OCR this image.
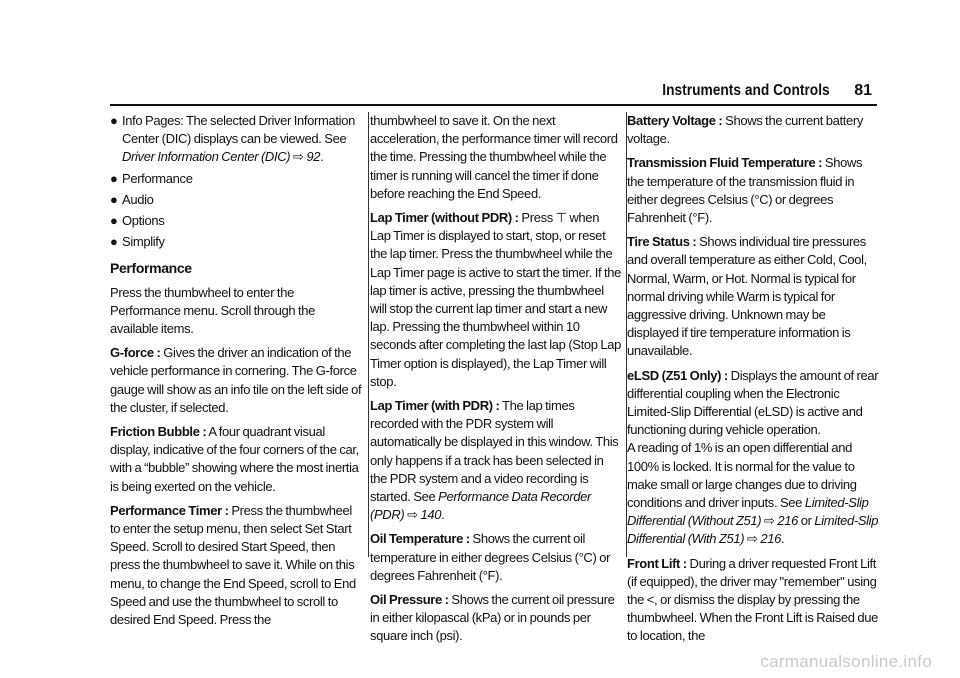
Instruments and Controls 81

● Info Pages: The selected Driver Information Center (DIC) displays can be viewed. See Driver Information Center (DIC) ⇨ 92.

● Performance

● Audio

● Options

● Simplify

Performance

Press the thumbwheel to enter the Performance menu. Scroll through the available items.

G-force : Gives the driver an indication of the vehicle performance in cornering. The G-force gauge will show as an info tile on the left side of the cluster, if selected.

Friction Bubble : A four quadrant visual display, indicative of the four corners of the car, with a “bubble” showing where the most inertia is being exerted on the vehicle.

Performance Timer : Press the thumbwheel to enter the setup menu, then select Set Start Speed. Scroll to desired Start Speed, then press the thumbwheel to save it. While on this menu, to change the End Speed, scroll to End Speed and use the thumbwheel to scroll to desired End Speed. Press the

thumbwheel to save it. On the next acceleration, the performance timer will record the time. Pressing the thumbwheel while the timer is running will cancel the timer if done before reaching the End Speed.

Lap Timer (without PDR) : Press ⊤ when Lap Timer is displayed to start, stop, or reset the lap timer. Press the thumbwheel while the Lap Timer page is active to start the timer. If the lap timer is active, pressing the thumbwheel will stop the current lap timer and start a new lap. Pressing the thumbwheel within 10 seconds after completing the last lap (Stop Lap Timer option is displayed), the Lap Timer will stop.

Lap Timer (with PDR) : The lap times recorded with the PDR system will automatically be displayed in this window. This only happens if a track has been selected in the PDR system and a video recording is started. See Performance Data Recorder (PDR) ⇨ 140.

Oil Temperature : Shows the current oil temperature in either degrees Celsius (°C) or degrees Fahrenheit (°F).

Oil Pressure : Shows the current oil pressure in either kilopascal (kPa) or in pounds per square inch (psi).

Battery Voltage : Shows the current battery voltage.

Transmission Fluid Temperature : Shows the temperature of the transmission fluid in either degrees Celsius (°C) or degrees Fahrenheit (°F).

Tire Status : Shows individual tire pressures and overall temperature as either Cold, Cool, Normal, Warm, or Hot. Normal is typical for normal driving while Warm is typical for aggressive driving. Unknown may be displayed if tire temperature information is unavailable.

eLSD (Z51 Only) : Displays the amount of rear differential coupling when the Electronic Limited-Slip Differential (eLSD) is active and functioning during vehicle operation.

A reading of 1% is an open differential and 100% is locked. It is normal for the value to make small or large changes due to driving conditions and driver inputs. See Limited-Slip Differential (Without Z51) ⇨ 216 or Limited-Slip Differential (With Z51) ⇨ 216.

Front Lift : During a driver requested Front Lift (if equipped), the driver may "remember" using the <, or dismiss the display by pressing the thumbwheel. When the Front Lift is Raised due to location, the

carmanualsonline.info
